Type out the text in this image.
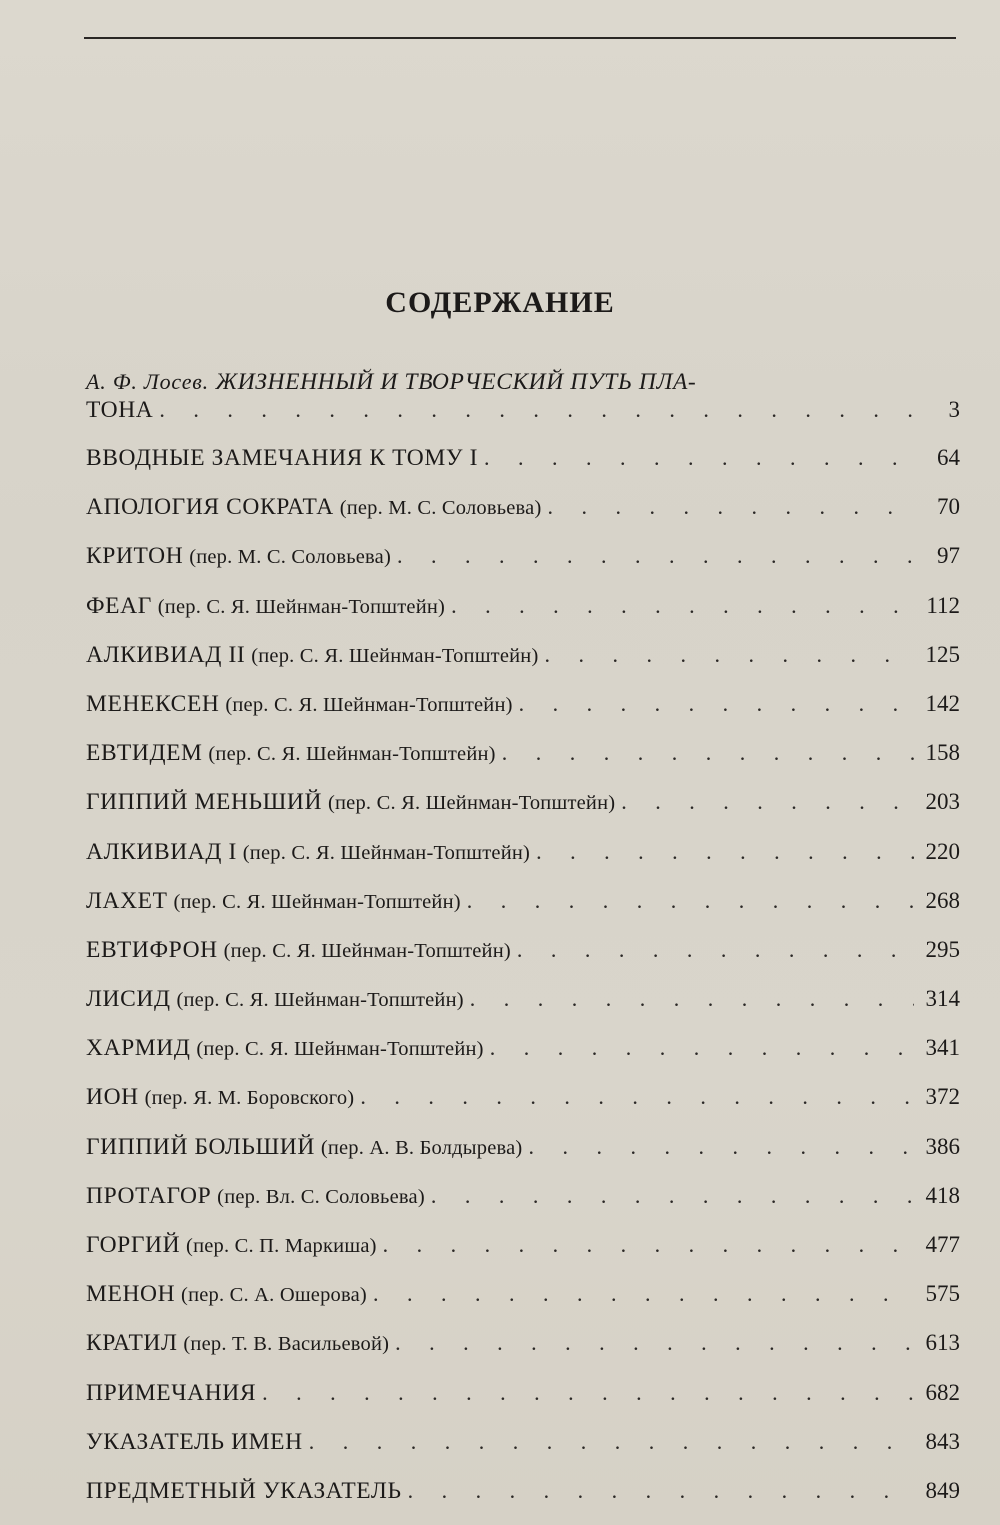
СОДЕРЖАНИЕ
А. Ф. Лосев. ЖИЗНЕННЫЙ И ТВОРЧЕСКИЙ ПУТЬ ПЛА-
ТОНА . . .	3
ВВОДНЫЕ ЗАМЕЧАНИЯ К ТОМУ I . . .	64
АПОЛОГИЯ СОКРАТА (пер. М. С. Соловьева) . . .	70
КРИТОН (пер. М. С. Соловьева) . . .	97
ФЕАГ (пер. С. Я. Шейнман-Топштейн) . . .	112
АЛКИВИАД II (пер. С. Я. Шейнман-Топштейн) . . .	125
МЕНЕКСЕН (пер. С. Я. Шейнман-Топштейн) . . .	142
ЕВТИДЕМ (пер. С. Я. Шейнман-Топштейн) . . .	158
ГИППИЙ МЕНЬШИЙ (пер. С. Я. Шейнман-Топштейн) . . .	203
АЛКИВИАД I (пер. С. Я. Шейнман-Топштейн) . . .	220
ЛАХЕТ (пер. С. Я. Шейнман-Топштейн) . . .	268
ЕВТИФРОН (пер. С. Я. Шейнман-Топштейн) . . .	295
ЛИСИД (пер. С. Я. Шейнман-Топштейн) . . .	314
ХАРМИД (пер. С. Я. Шейнман-Топштейн) . . .	341
ИОН (пер. Я. М. Боровского) . . .	372
ГИППИЙ БОЛЬШИЙ (пер. А. В. Болдырева) . . .	386
ПРОТАГОР (пер. Вл. С. Соловьева) . . .	418
ГОРГИЙ (пер. С. П. Маркиша) . . .	477
МЕНОН (пер. С. А. Ошерова) . . .	575
КРАТИЛ (пер. Т. В. Васильевой) . . .	613
ПРИМЕЧАНИЯ . . .	682
УКАЗАТЕЛЬ ИМЕН . . .	843
ПРЕДМЕТНЫЙ УКАЗАТЕЛЬ . . .	849
